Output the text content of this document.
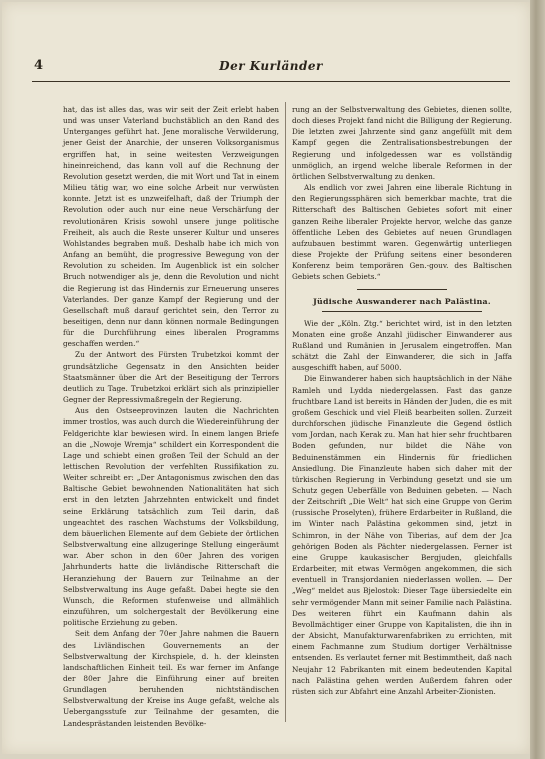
4	Der Kurländer

hat, das ist alles das, was wir seit der Zeit erlebt haben und was unser Vaterland buchstäblich an den Rand des Unterganges geführt hat. Jene moralische Verwilderung, jener Geist der Anarchie, der unseren Volksorganismus ergriffen hat, in seine weitesten Verzweigungen hineinreichend, das kann voll auf die Rechnung der Revolution gesetzt werden, die mit Wort und Tat in einem Milieu tätig war, wo eine solche Arbeit nur verwüsten konnte. Jetzt ist es unzweifelhaft, daß der Triumph der Revolution oder auch nur eine neue Verschärfung der revolutionären Krisis sowohl unsere junge politische Freiheit, als auch die Reste unserer Kultur und unseres Wohlstandes begraben muß. Deshalb habe ich mich von Anfang an bemüht, die progressive Bewegung von der Revolution zu scheiden. Im Augenblick ist ein solcher Bruch notwendiger als je, denn die Revolution und nicht die Regierung ist das Hindernis zur Erneuerung unseres Vaterlandes. Der ganze Kampf der Regierung und der Gesellschaft muß darauf gerichtet sein, den Terror zu beseitigen, denn nur dann können normale Bedingungen für die Durchführung eines liberalen Programms geschaffen werden.“

Zu der Antwort des Fürsten Trubetzkoi kommt der grundsätzliche Gegensatz in den Ansichten beider Staatsmänner über die Art der Beseitigung der Terrors deutlich zu Tage. Trubetzkoi erklärt sich als prinzipieller Gegner der Repressivmaßregeln der Regierung.

Aus den Ostseeprovinzen lauten die Nachrichten immer trostlos, was auch durch die Wiedereinführung der Feldgerichte klar bewiesen wird. In einem langen Briefe an die „Nowoje Wremja“ schildert ein Korrespondent die Lage und schiebt einen großen Teil der Schuld an der lettischen Revolution der verfehlten Russifikation zu. Weiter schreibt er: „Der Antagonismus zwischen den das Baltische Gebiet bewohnenden Nationalitäten hat sich erst in den letzten Jahrzehnten entwickelt und findet seine Erklärung tatsächlich zum Teil darin, daß ungeachtet des raschen Wachstums der Volksbildung, dem bäuerlichen Elemente auf dem Gebiete der örtlichen Selbstverwaltung eine allzugeringe Stellung eingeräumt war. Aber schon in den 60er Jahren des vorigen Jahrhunderts hatte die livländische Ritterschaft die Heranziehung der Bauern zur Teilnahme an der Selbstverwaltung ins Auge gefaßt. Dabei hegte sie den Wunsch, die Reformen stufenweise und allmählich einzuführen, um solchergestalt der Bevölkerung eine politische Erziehung zu geben.

Seit dem Anfang der 70er Jahre nahmen die Bauern des Livländischen Gouvernements an der Selbstverwaltung der Kirchspiele, d. h. der kleinsten landschaftlichen Einheit teil. Es war ferner im Anfange der 80er Jahre die Einführung einer auf breiten Grundlagen beruhenden nichtständischen Selbstverwaltung der Kreise ins Auge gefaßt, welche als Uebergangsstufe zur Teilnahme der gesamten, die Landesprästanden leistenden Bevölke-

rung an der Selbstverwaltung des Gebietes, dienen sollte, doch dieses Projekt fand nicht die Billigung der Regierung. Die letzten zwei Jahrzente sind ganz angefüllt mit dem Kampf gegen die Zentralisationsbestrebungen der Regierung und infolgedessen war es vollständig unmöglich, an irgend welche liberale Reformen in der örtlichen Selbstverwaltung zu denken.

Als endlich vor zwei Jahren eine liberale Richtung in den Regierungssphären sich bemerkbar machte, trat die Ritterschaft des Baltischen Gebietes sofort mit einer ganzen Reihe liberaler Projekte hervor, welche das ganze öffentliche Leben des Gebietes auf neuen Grundlagen aufzubauen bestimmt waren. Gegenwärtig unterliegen diese Projekte der Prüfung seitens einer besonderen Konferenz beim temporären Gen.-gouv. des Baltischen Gebiets schen Gebiets.“

Jüdische Auswanderer nach Palästina.

Wie der „Köln. Ztg.“ berichtet wird, ist in den letzten Monaten eine große Anzahl jüdischer Einwanderer aus Rußland und Rumänien in Jerusalem eingetroffen. Man schätzt die Zahl der Einwanderer, die sich in Jaffa ausgeschifft haben, auf 5000.

Die Einwanderer haben sich hauptsächlich in der Nähe Ramleh und Lydda niedergelassen. Fast das ganze fruchtbare Land ist bereits in Händen der Juden, die es mit großem Geschick und viel Fleiß bearbeiten sollen. Zurzeit durchforschen jüdische Finanzleute die Gegend östlich vom Jordan, nach Kerak zu. Man hat hier sehr fruchtbaren Boden gefunden, nur bildet die Nähe von Beduinenstämmen ein Hindernis für friedlichen Ansiedlung. Die Finanzleute haben sich daher mit der türkischen Regierung in Verbindung gesetzt und sie um Schutz gegen Ueberfälle von Beduinen gebeten. — Nach der Zeitschrift „Die Welt“ hat sich eine Gruppe von Gerim (russische Proselyten), frühere Erdarbeiter in Rußland, die im Winter nach Palästina gekommen sind, jetzt in Schimron, in der Nähe von Tiberias, auf dem der Jca gehörigen Boden als Pächter niedergelassen. Ferner ist eine Gruppe kaukasischer Bergjuden, gleichfalls Erdarbeiter, mit etwas Vermögen angekommen, die sich eventuell in Transjordanien niederlassen wollen. — Der „Weg“ meldet aus Bjelostok: Dieser Tage übersiedelte ein sehr vermögender Mann mit seiner Familie nach Palästina. Des weiteren führt ein Kaufmann dahin als Bevollmächtiger einer Gruppe von Kapitalisten, die ihn in der Absicht, Manufakturwarenfabriken zu errichten, mit einem Fachmanne zum Studium dortiger Verhältnisse entsenden. Es verlautet ferner mit Bestimmtheit, daß nach Neujahr 12 Fabrikanten mit einem bedeutenden Kapital nach Palästina gehen werden Außerdem fahren oder rüsten sich zur Abfahrt eine Anzahl Arbeiter-Zionisten.
